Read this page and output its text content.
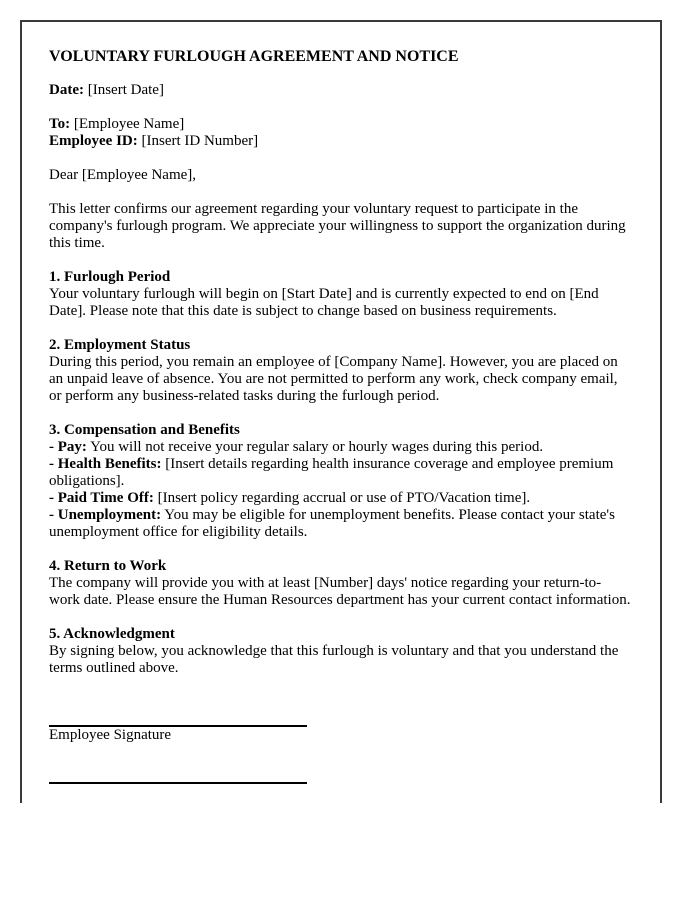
VOLUNTARY FURLOUGH AGREEMENT AND NOTICE

Date: [Insert Date]

To: [Employee Name]
Employee ID: [Insert ID Number]

Dear [Employee Name],

This letter confirms our agreement regarding your voluntary request to participate in the company's furlough program. We appreciate your willingness to support the organization during this time.

1. Furlough Period
Your voluntary furlough will begin on [Start Date] and is currently expected to end on [End Date]. Please note that this date is subject to change based on business requirements.
2. Employment Status
During this period, you remain an employee of [Company Name]. However, you are placed on an unpaid leave of absence. You are not permitted to perform any work, check company email, or perform any business-related tasks during the furlough period.
3. Compensation and Benefits
- Pay: You will not receive your regular salary or hourly wages during this period.
- Health Benefits: [Insert details regarding health insurance coverage and employee premium obligations].
- Paid Time Off: [Insert policy regarding accrual or use of PTO/Vacation time].
- Unemployment: You may be eligible for unemployment benefits. Please contact your state's unemployment office for eligibility details.
4. Return to Work
The company will provide you with at least [Number] days' notice regarding your return-to-work date. Please ensure the Human Resources department has your current contact information.
5. Acknowledgment
By signing below, you acknowledge that this furlough is voluntary and that you understand the terms outlined above.

Employee Signature
